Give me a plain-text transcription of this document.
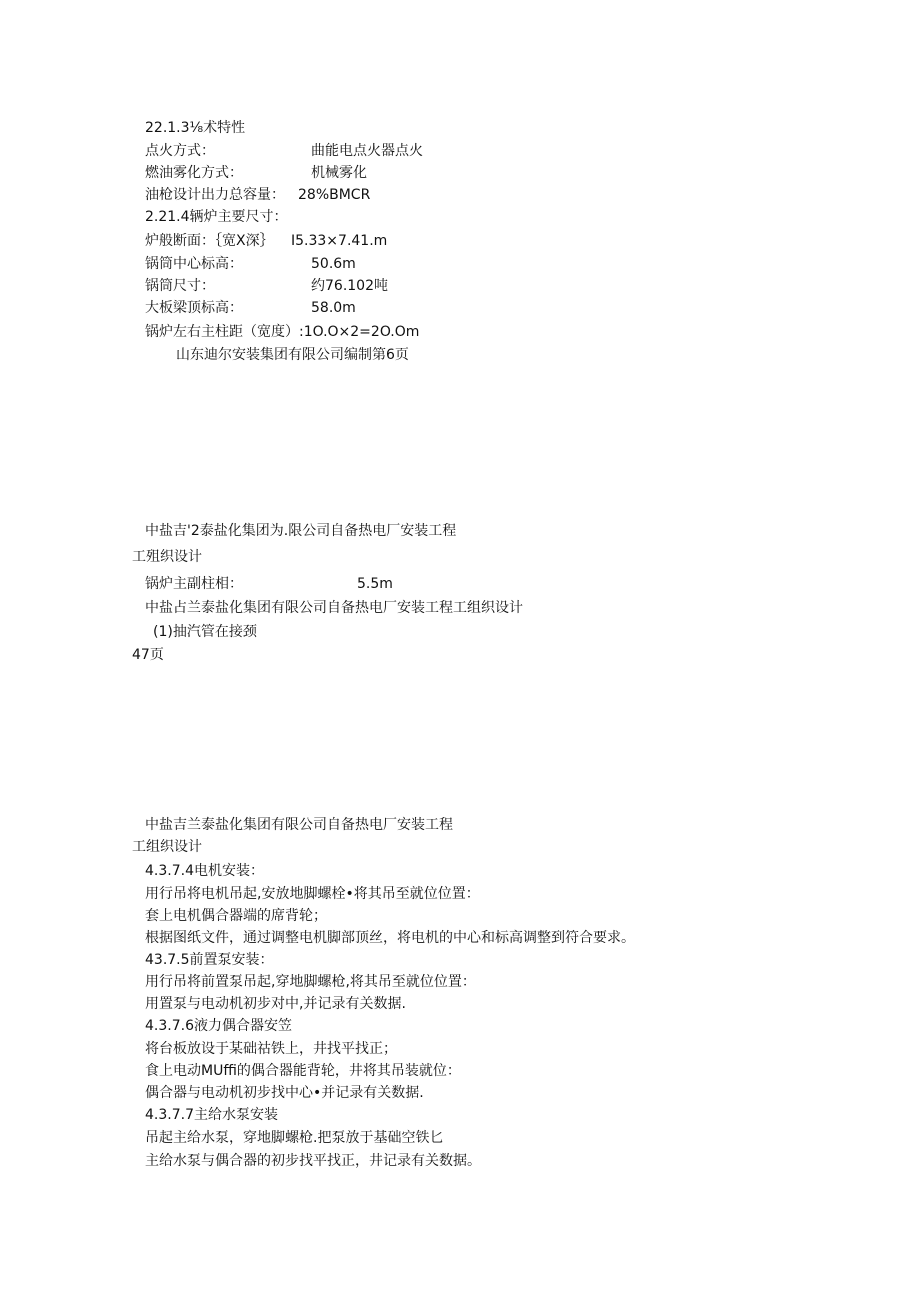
22.1.3⅛术特性
点火方式：	曲能电点火器点火
燃油雾化方式：	机械雾化
油枪设计出力总容量： 28%BMCR
2.21.4辆炉主要尺寸：
炉般断面：｛宽X深｝ I5.33×7.41.m
锅筒中心标高：	50.6m
锅筒尺寸：	约76.102吨
大板梁顶标高：	58.0m
锅炉左右主柱距（宽度）:1O.O×2=2O.Om
山东迪尔安装集团有限公司编制第6页
中盐吉'2泰盐化集团为.限公司自备热电厂安装工程
工殂织设计
锅炉主副柱相：	5.5m
中盐占兰泰盐化集团有限公司自备热电厂安装工程工组织设计
(1)抽汽管在接颈
47页
中盐吉兰泰盐化集团有限公司自备热电厂安装工程
工组织设计
4.3.7.4电机安装：
用行吊将电机吊起,安放地脚螺栓•将其吊至就位位置：
套上电机偶合器端的席背轮；
根据图纸文件，通过调整电机脚部顶丝，将电机的中心和标高调整到符合要求。
43.7.5前置泵安装：
用行吊将前置泵吊起,穿地脚螺枪,将其吊至就位位置：
用置泵与电动机初步对中,并记录有关数据.
4.3.7.6液力偶合器安笠
将台板放设于某础祜铁上，井找平找正；
食上电动MUffi的偶合器能背轮，井将其吊装就位：
偶合器与电动机初步找中心•并记录有关数据.
4.3.7.7主给水泵安装
吊起主给水泵，穿地脚螺枪.把泵放于基础空铁匕
主给水泵与偶合器的初步找平找正，井记录有关数据。
